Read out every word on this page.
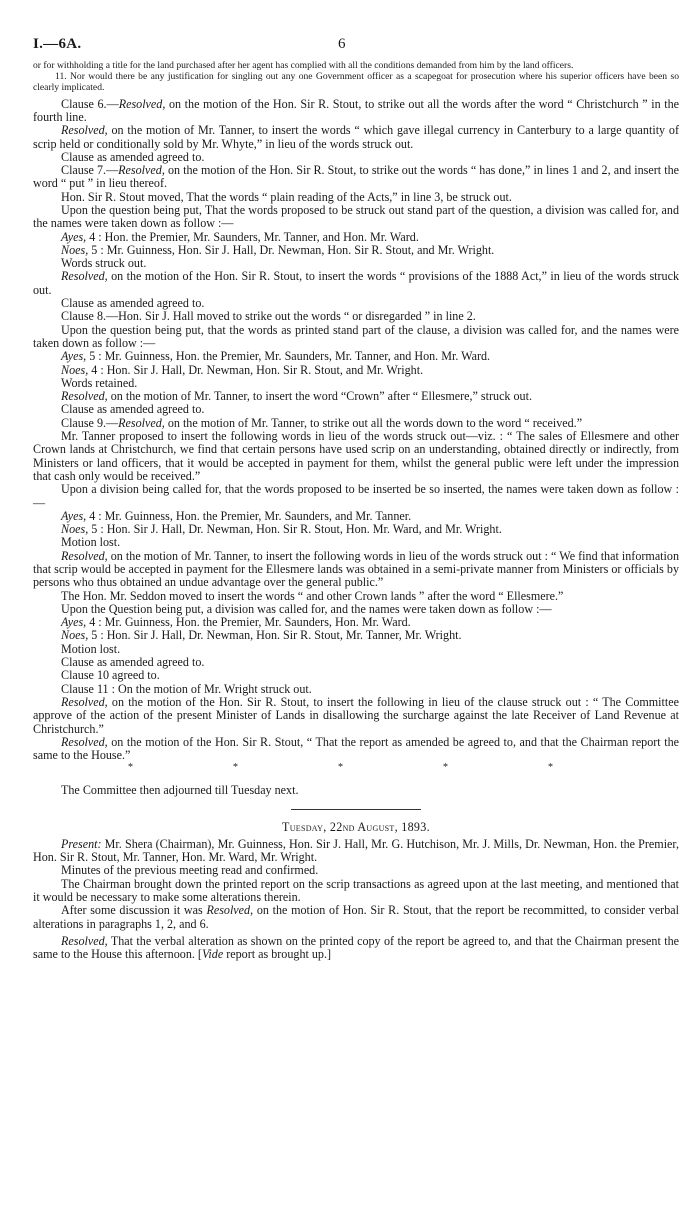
I.—6A.	6

or for withholding a title for the land purchased after her agent has complied with all the conditions demanded from him by the land officers.

11. Nor would there be any justification for singling out any one Government officer as a scapegoat for prosecution where his superior officers have been so clearly implicated.

Clause 6.—Resolved, on the motion of the Hon. Sir R. Stout, to strike out all the words after the word “ Christchurch ” in the fourth line.

Resolved, on the motion of Mr. Tanner, to insert the words “ which gave illegal currency in Canterbury to a large quantity of scrip held or conditionally sold by Mr. Whyte,” in lieu of the words struck out.

Clause as amended agreed to.

Clause 7.—Resolved, on the motion of the Hon. Sir R. Stout, to strike out the words “ has done,” in lines 1 and 2, and insert the word “ put ” in lieu thereof.

Hon. Sir R. Stout moved, That the words “ plain reading of the Acts,” in line 3, be struck out.

Upon the question being put, That the words proposed to be struck out stand part of the question, a division was called for, and the names were taken down as follow :—

Ayes, 4 : Hon. the Premier, Mr. Saunders, Mr. Tanner, and Hon. Mr. Ward.

Noes, 5 : Mr. Guinness, Hon. Sir J. Hall, Dr. Newman, Hon. Sir R. Stout, and Mr. Wright.

Words struck out.

Resolved, on the motion of the Hon. Sir R. Stout, to insert the words “ provisions of the 1888 Act,” in lieu of the words struck out.

Clause as amended agreed to.

Clause 8.—Hon. Sir J. Hall moved to strike out the words “ or disregarded ” in line 2.

Upon the question being put, that the words as printed stand part of the clause, a division was called for, and the names were taken down as follow :—

Ayes, 5 : Mr. Guinness, Hon. the Premier, Mr. Saunders, Mr. Tanner, and Hon. Mr. Ward.

Noes, 4 : Hon. Sir J. Hall, Dr. Newman, Hon. Sir R. Stout, and Mr. Wright.

Words retained.

Resolved, on the motion of Mr. Tanner, to insert the word “Crown” after “ Ellesmere,” struck out.

Clause as amended agreed to.

Clause 9.—Resolved, on the motion of Mr. Tanner, to strike out all the words down to the word “ received.”

Mr. Tanner proposed to insert the following words in lieu of the words struck out—viz. : “ The sales of Ellesmere and other Crown lands at Christchurch, we find that certain persons have used scrip on an understanding, obtained directly or indirectly, from Ministers or land officers, that it would be accepted in payment for them, whilst the general public were left under the impression that cash only would be received.”

Upon a division being called for, that the words proposed to be inserted be so inserted, the names were taken down as follow :—

Ayes, 4 : Mr. Guinness, Hon. the Premier, Mr. Saunders, and Mr. Tanner.

Noes, 5 : Hon. Sir J. Hall, Dr. Newman, Hon. Sir R. Stout, Hon. Mr. Ward, and Mr. Wright.

Motion lost.

Resolved, on the motion of Mr. Tanner, to insert the following words in lieu of the words struck out : “ We find that information that scrip would be accepted in payment for the Ellesmere lands was obtained in a semi-private manner from Ministers or officials by persons who thus obtained an undue advantage over the general public.”

The Hon. Mr. Seddon moved to insert the words “ and other Crown lands ” after the word “ Ellesmere.”

Upon the Question being put, a division was called for, and the names were taken down as follow :—

Ayes, 4 : Mr. Guinness, Hon. the Premier, Mr. Saunders, Hon. Mr. Ward.

Noes, 5 : Hon. Sir J. Hall, Dr. Newman, Hon. Sir R. Stout, Mr. Tanner, Mr. Wright.

Motion lost.

Clause as amended agreed to.

Clause 10 agreed to.

Clause 11 : On the motion of Mr. Wright struck out.

Resolved, on the motion of the Hon. Sir R. Stout, to insert the following in lieu of the clause struck out : “ The Committee approve of the action of the present Minister of Lands in disallowing the surcharge against the late Receiver of Land Revenue at Christchurch.”

Resolved, on the motion of the Hon. Sir R. Stout, “ That the report as amended be agreed to, and that the Chairman report the same to the House.”

*	*	*	*	*

The Committee then adjourned till Tuesday next.

Tuesday, 22nd August, 1893.

Present: Mr. Shera (Chairman), Mr. Guinness, Hon. Sir J. Hall, Mr. G. Hutchison, Mr. J. Mills, Dr. Newman, Hon. the Premier, Hon. Sir R. Stout, Mr. Tanner, Hon. Mr. Ward, Mr. Wright.

Minutes of the previous meeting read and confirmed.

The Chairman brought down the printed report on the scrip transactions as agreed upon at the last meeting, and mentioned that it would be necessary to make some alterations therein.

After some discussion it was Resolved, on the motion of Hon. Sir R. Stout, that the report be recommitted, to consider verbal alterations in paragraphs 1, 2, and 6.

Resolved, That the verbal alteration as shown on the printed copy of the report be agreed to, and that the Chairman present the same to the House this afternoon. [Vide report as brought up.]
